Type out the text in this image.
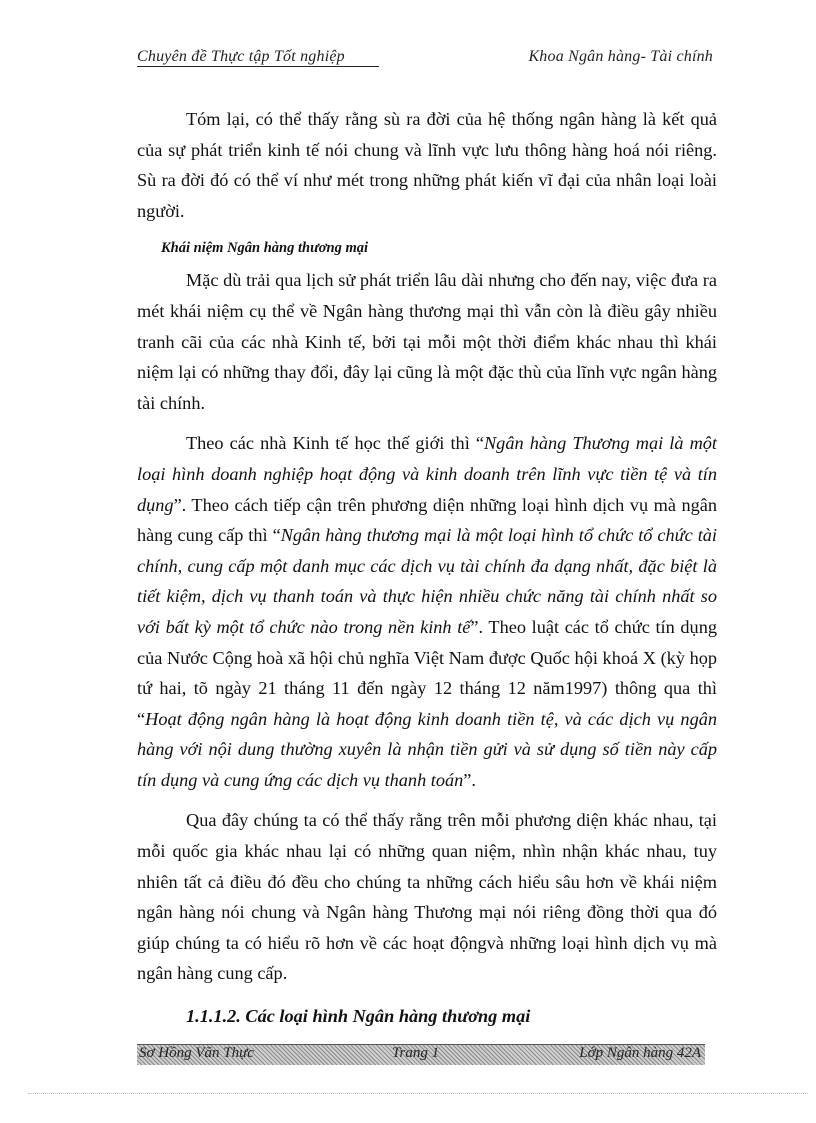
Chuyên đề Thực tập Tốt nghiệp	Khoa Ngân hàng- Tài chính

Tóm lại, có thể thấy rằng sù ra đời của hệ thống ngân hàng là kết quả của sự phát triển kinh tế nói chung và lĩnh vực lưu thông hàng hoá nói riêng. Sù ra đời đó có thể ví như mét trong những phát kiến vĩ đại của nhân loại loài người.

Khái niệm Ngân hàng thương mại

Mặc dù trải qua lịch sử phát triển lâu dài nhưng cho đến nay, việc đưa ra mét khái niệm cụ thể về Ngân hàng thương mại thì vẫn còn là điều gây nhiều tranh cãi của các nhà Kinh tế, bởi tại mỗi một thời điểm khác nhau thì khái niệm lại có những thay đổi, đây lại cũng là một đặc thù của lĩnh vực ngân hàng tài chính.

Theo các nhà Kinh tế học thế giới thì “Ngân hàng Thương mại là một loại hình doanh nghiệp hoạt động và kinh doanh trên lĩnh vực tiền tệ và tín dụng”. Theo cách tiếp cận trên phương diện những loại hình dịch vụ mà ngân hàng cung cấp thì “Ngân hàng thương mại là một loại hình tổ chức tổ chức tài chính, cung cấp một danh mục các dịch vụ tài chính đa dạng nhất, đặc biệt là tiết kiệm, dịch vụ thanh toán và thực hiện nhiều chức năng tài chính nhất so với bất kỳ một tổ chức nào trong nền kinh tế”. Theo luật các tổ chức tín dụng của Nước Cộng hoà xã hội chủ nghĩa Việt Nam được Quốc hội khoá X (kỳ họp tứ hai, tõ ngày 21 tháng 11 đến ngày 12 tháng 12 năm1997) thông qua thì “Hoạt động ngân hàng là hoạt động kinh doanh tiền tệ, và các dịch vụ ngân hàng với nội dung thường xuyên là nhận tiền gửi và sử dụng số tiền này cấp tín dụng và cung ứng các dịch vụ thanh toán”.

Qua đây chúng ta có thể thấy rằng trên mỗi phương diện khác nhau, tại mỗi quốc gia khác nhau lại có những quan niệm, nhìn nhận khác nhau, tuy nhiên tất cả điều đó đều cho chúng ta những cách hiểu sâu hơn về khái niệm ngân hàng nói chung và Ngân hàng Thương mại nói riêng đồng thời qua đó giúp chúng ta có hiểu rõ hơn về các hoạt độngvà những loại hình dịch vụ mà ngân hàng cung cấp.

1.1.1.2. Các loại hình Ngân hàng thương mại

Sơ Hồng Văn Thực	Trang 1	Lớp Ngân hàng 42A
